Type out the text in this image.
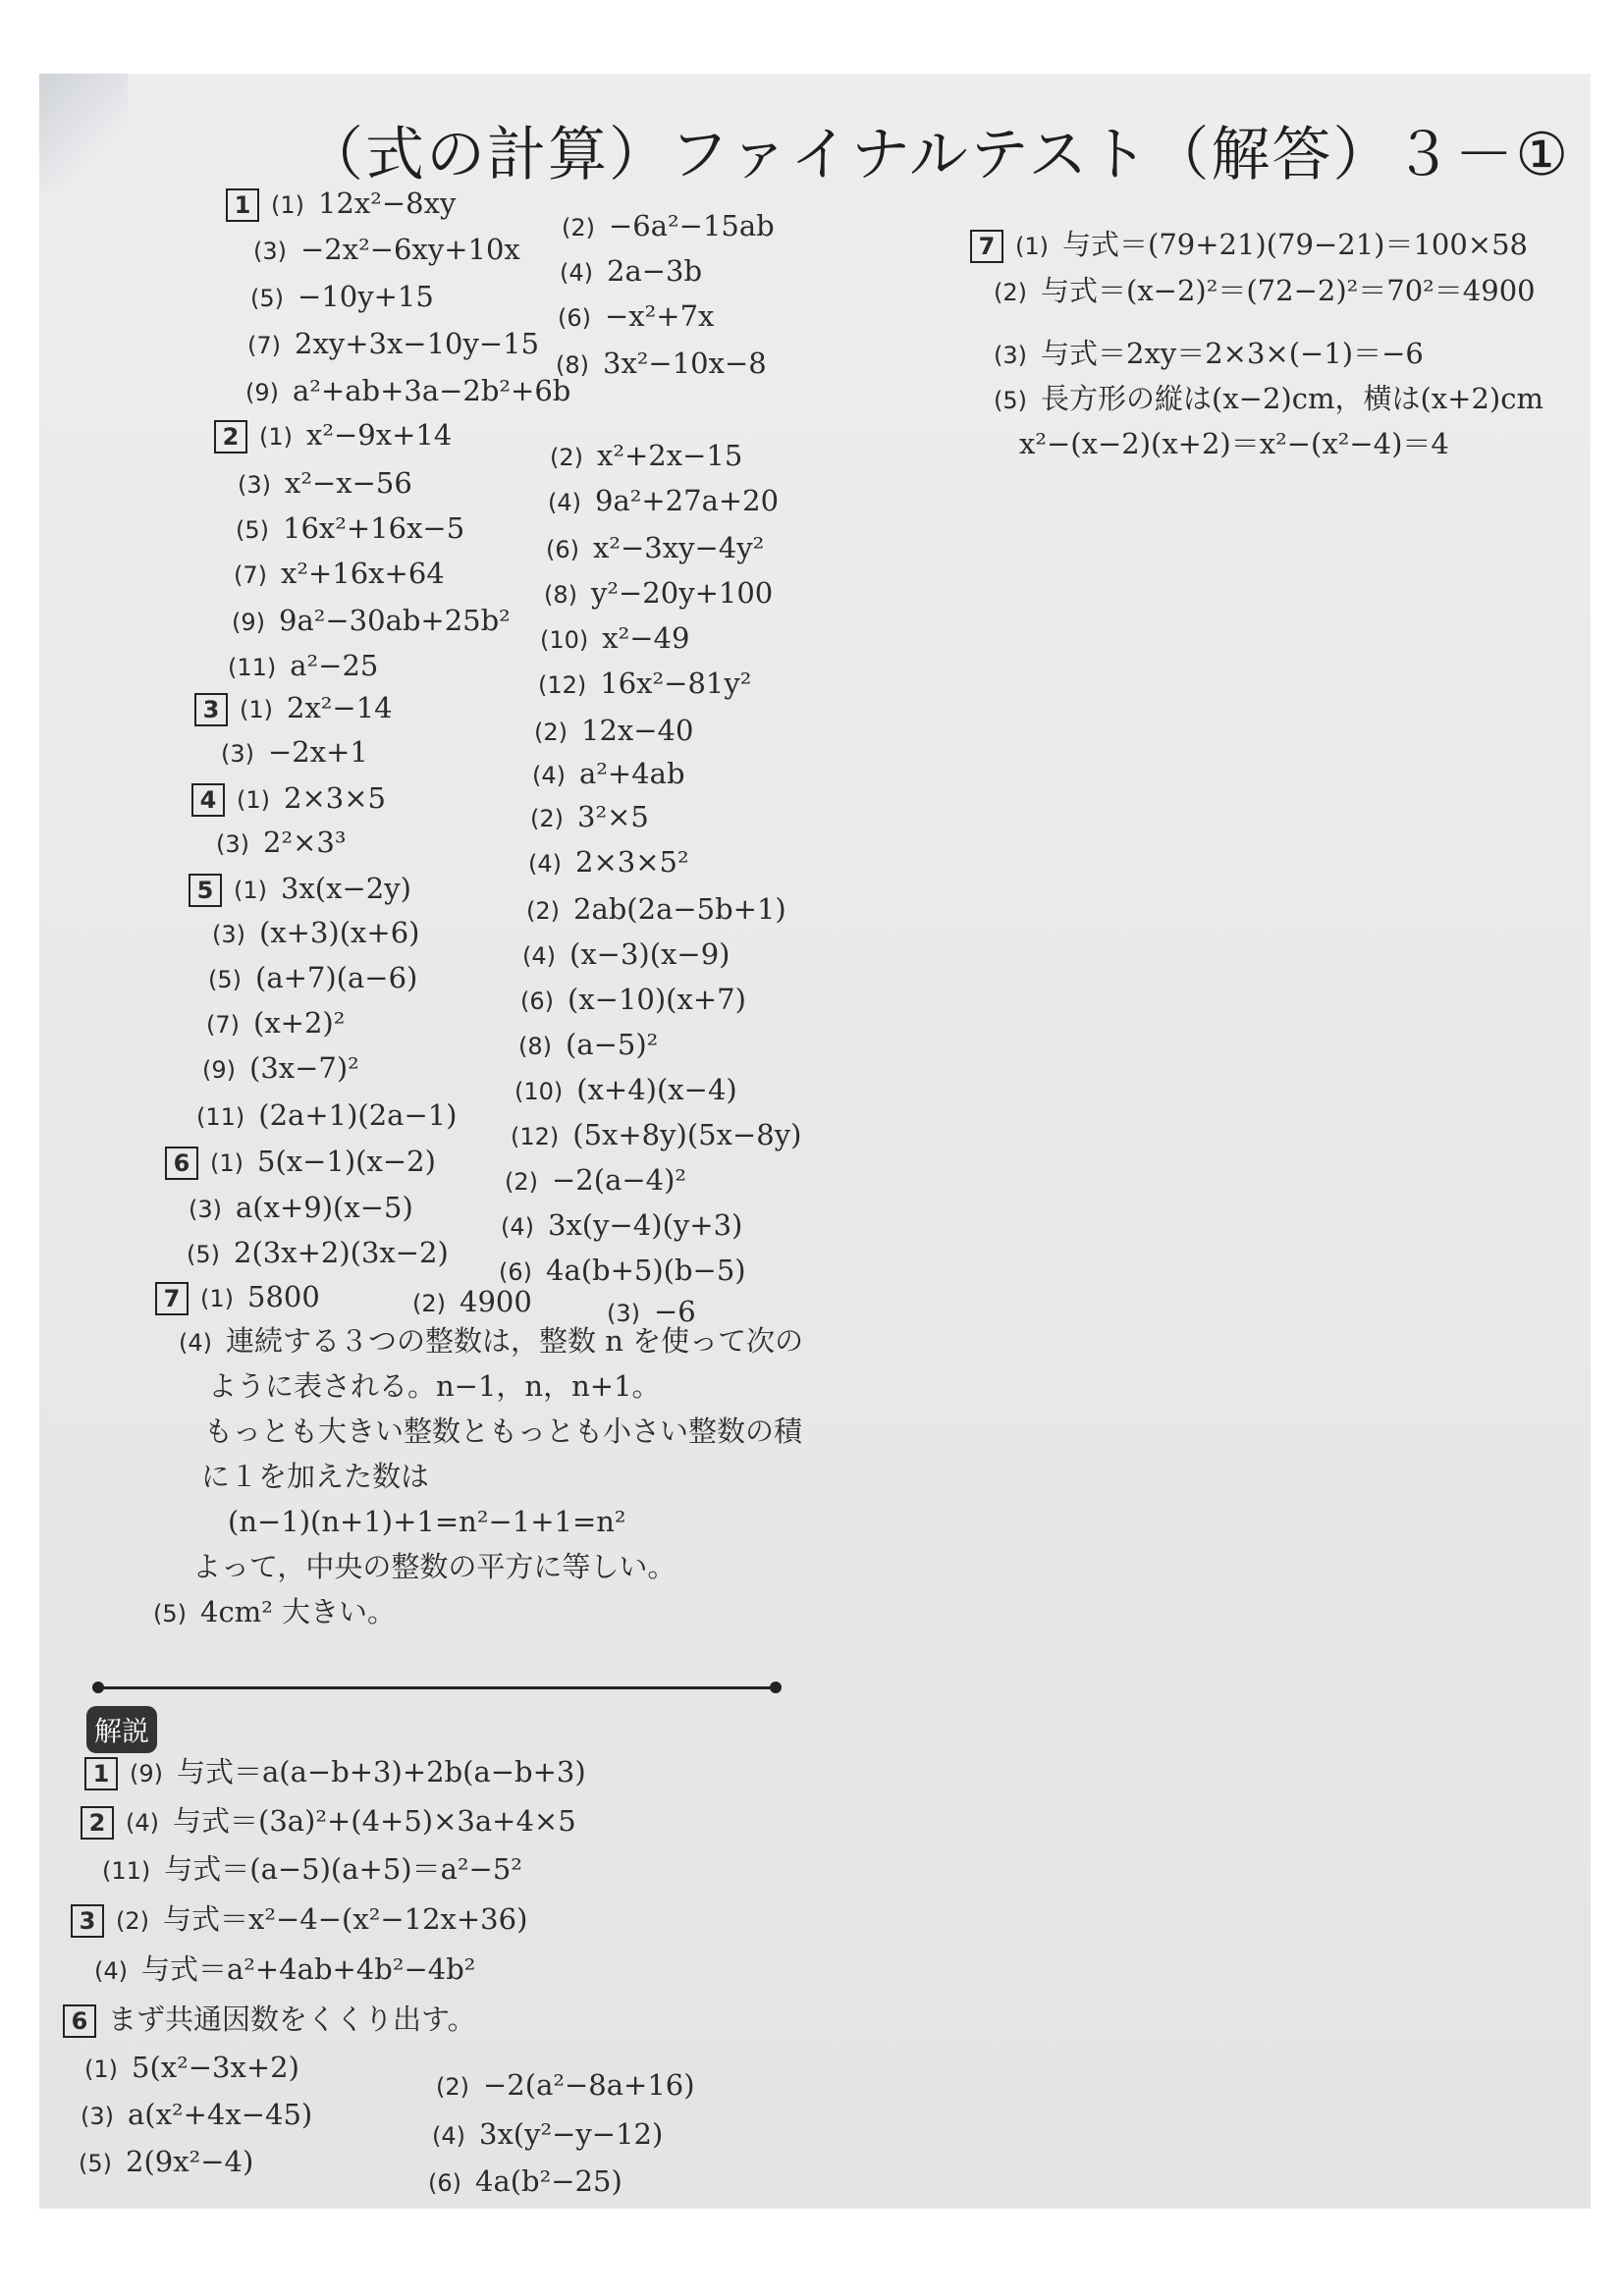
（式の計算）ファイナルテスト（解答）３－①
1 (1) 12x²−8xy
(2) −6a²−15ab
(3) −2x²−6xy+10x
(4) 2a−3b
(5) −10y+15
(6) −x²+7x
(7) 2xy+3x−10y−15
(8) 3x²−10x−8
(9) a²+ab+3a−2b²+6b
2 (1) x²−9x+14
(2) x²+2x−15
(3) x²−x−56
(4) 9a²+27a+20
(5) 16x²+16x−5
(6) x²−3xy−4y²
(7) x²+16x+64
(8) y²−20y+100
(9) 9a²−30ab+25b²
(10) x²−49
(11) a²−25
(12) 16x²−81y²
3 (1) 2x²−14
(2) 12x−40
(3) −2x+1
(4) a²+4ab
4 (1) 2×3×5
(2) 3²×5
(3) 2²×3³
(4) 2×3×5²
5 (1) 3x(x−2y)
(2) 2ab(2a−5b+1)
(3) (x+3)(x+6)
(4) (x−3)(x−9)
(5) (a+7)(a−6)
(6) (x−10)(x+7)
(7) (x+2)²
(8) (a−5)²
(9) (3x−7)²
(10) (x+4)(x−4)
(11) (2a+1)(2a−1)
(12) (5x+8y)(5x−8y)
6 (1) 5(x−1)(x−2)
(2) −2(a−4)²
(3) a(x+9)(x−5)
(4) 3x(y−4)(y+3)
(5) 2(3x+2)(3x−2)
(6) 4a(b+5)(b−5)
7 (1) 5800	(2) 4900	(3) −6
(4) 連続する３つの整数は，整数 n を使って次の
ように表される。n−1，n，n+1。
もっとも大きい整数ともっとも小さい整数の積
に１を加えた数は
(n−1)(n+1)+1=n²−1+1=n²
よって，中央の整数の平方に等しい。
(5) 4cm² 大きい。
7 (1) 与式＝(79+21)(79−21)＝100×58
(2) 与式＝(x−2)²＝(72−2)²＝70²＝4900
(3) 与式＝2xy＝2×3×(−1)＝−6
(5) 長方形の縦は(x−2)cm，横は(x+2)cm
x²−(x−2)(x+2)＝x²−(x²−4)＝4
解説
1 (9) 与式＝a(a−b+3)+2b(a−b+3)
2 (4) 与式＝(3a)²+(4+5)×3a+4×5
(11) 与式＝(a−5)(a+5)＝a²−5²
3 (2) 与式＝x²−4−(x²−12x+36)
(4) 与式＝a²+4ab+4b²−4b²
6 まず共通因数をくくり出す。
(1) 5(x²−3x+2)
(2) −2(a²−8a+16)
(3) a(x²+4x−45)
(4) 3x(y²−y−12)
(5) 2(9x²−4)
(6) 4a(b²−25)
